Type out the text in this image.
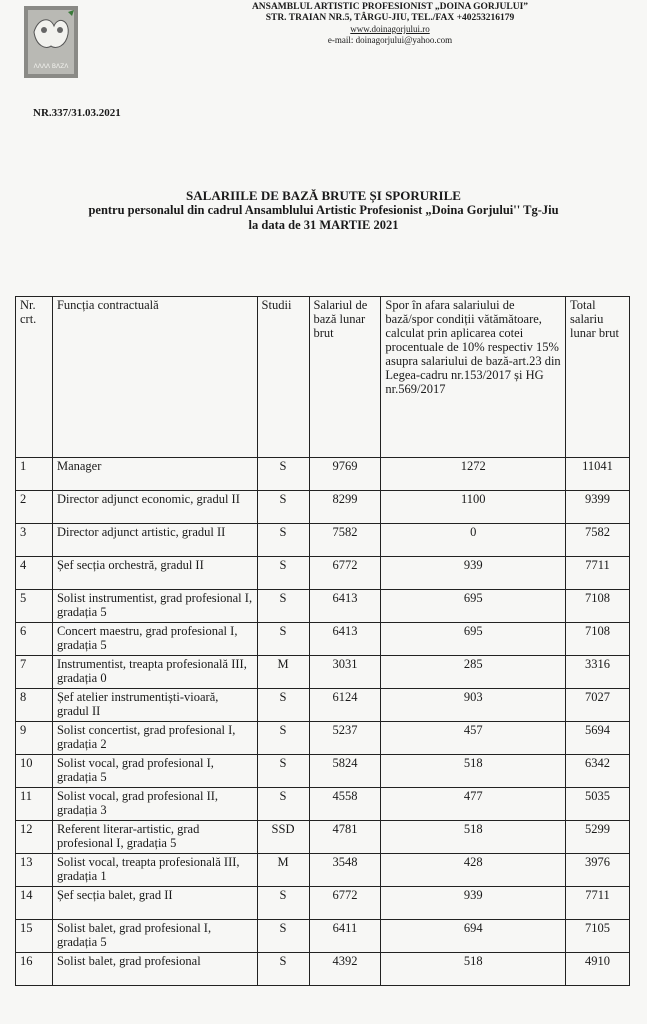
ΛΛΛΛ ΒΛΖΛ
ANSAMBLUL ARTISTIC PROFESIONIST „DOINA GORJULUI”
STR. TRAIAN NR.5, TÂRGU-JIU, TEL./FAX +40253216179
www.doinagorjului.ro
e-mail: doinagorjului@yahoo.com
NR.337/31.03.2021
SALARIILE DE BAZĂ BRUTE ȘI SPORURILE
pentru personalul din cadrul Ansamblului Artistic Profesionist „Doina Gorjului'' Tg-Jiu
la data de 31 MARTIE 2021
Nr. crt.	Funcția contractuală	Studii	Salariul de bază lunar brut	Spor în afara salariului de bază/spor condiții vătămătoare, calculat prin aplicarea cotei procentuale de 10% respectiv 15% asupra salariului de bază-art.23 din Legea-cadru nr.153/2017 și HG nr.569/2017	Total salariu lunar brut
1	Manager	S	9769	1272	11041
2	Director adjunct economic, gradul II	S	8299	1100	9399
3	Director adjunct artistic, gradul II	S	7582	0	7582
4	Șef secția orchestră, gradul II	S	6772	939	7711
5	Solist instrumentist, grad profesional I, gradația 5	S	6413	695	7108
6	Concert maestru, grad profesional I, gradația 5	S	6413	695	7108
7	Instrumentist, treapta profesională III, gradația 0	M	3031	285	3316
8	Șef atelier instrumentiști-vioară, gradul II	S	6124	903	7027
9	Solist concertist, grad profesional I, gradația 2	S	5237	457	5694
10	Solist vocal, grad profesional I, gradația 5	S	5824	518	6342
11	Solist vocal, grad profesional II, gradația 3	S	4558	477	5035
12	Referent literar-artistic, grad profesional I, gradația 5	SSD	4781	518	5299
13	Solist vocal, treapta profesională III, gradația 1	M	3548	428	3976
14	Șef secția balet, grad II	S	6772	939	7711
15	Solist balet, grad profesional I, gradația 5	S	6411	694	7105
16	Solist balet, grad profesional	S	4392	518	4910
